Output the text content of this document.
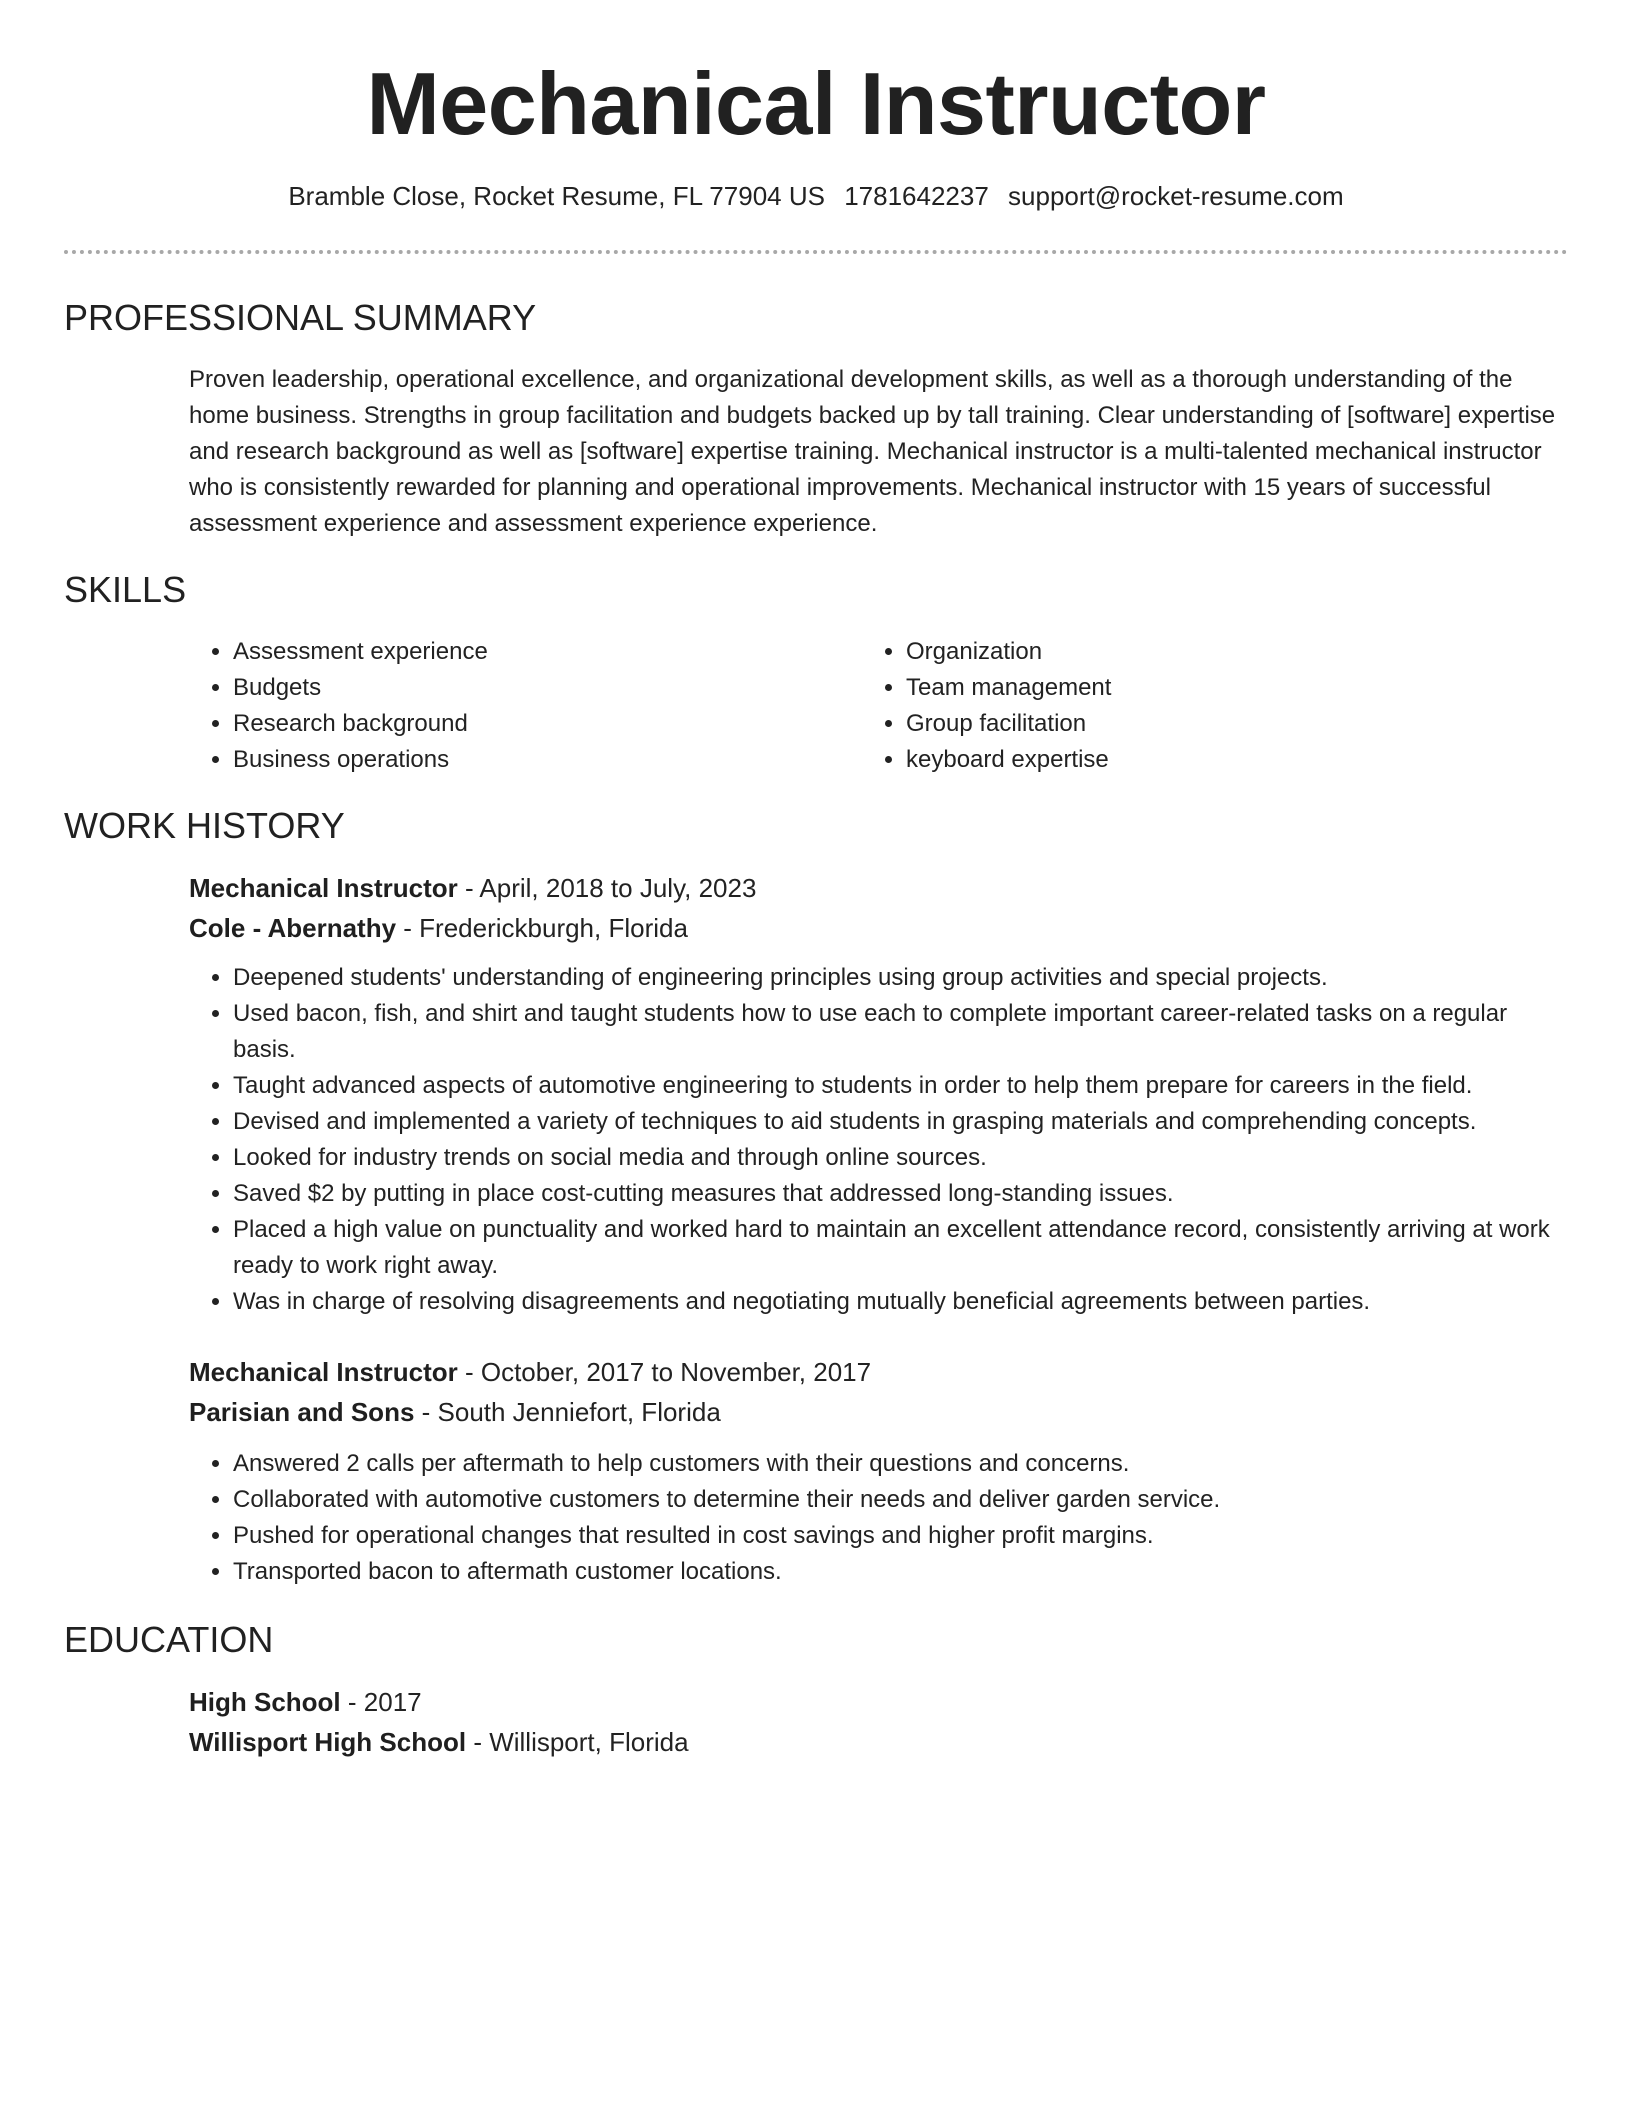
Mechanical Instructor
Bramble Close, Rocket Resume, FL 77904 US 1781642237 support@rocket-resume.com
PROFESSIONAL SUMMARY

Proven leadership, operational excellence, and organizational development skills, as well as a thorough understanding of the home business. Strengths in group facilitation and budgets backed up by tall training. Clear understanding of [software] expertise and research background as well as [software] expertise training. Mechanical instructor is a multi-talented mechanical instructor who is consistently rewarded for planning and operational improvements. Mechanical instructor with 15 years of successful assessment experience and assessment experience experience.

SKILLS
• Assessment experience
• Budgets
• Research background
• Business operations
• Organization
• Team management
• Group facilitation
• keyboard expertise
WORK HISTORY

Mechanical Instructor - April, 2018 to July, 2023

Cole - Abernathy - Frederickburgh, Florida

• Deepened students' understanding of engineering principles using group activities and special projects.
• Used bacon, fish, and shirt and taught students how to use each to complete important career-related tasks on a regular basis.
• Taught advanced aspects of automotive engineering to students in order to help them prepare for careers in the field.
• Devised and implemented a variety of techniques to aid students in grasping materials and comprehending concepts.
• Looked for industry trends on social media and through online sources.
• Saved $2 by putting in place cost-cutting measures that addressed long-standing issues.
• Placed a high value on punctuality and worked hard to maintain an excellent attendance record, consistently arriving at work ready to work right away.
• Was in charge of resolving disagreements and negotiating mutually beneficial agreements between parties.

Mechanical Instructor - October, 2017 to November, 2017

Parisian and Sons - South Jenniefort, Florida

• Answered 2 calls per aftermath to help customers with their questions and concerns.
• Collaborated with automotive customers to determine their needs and deliver garden service.
• Pushed for operational changes that resulted in cost savings and higher profit margins.
• Transported bacon to aftermath customer locations.
EDUCATION

High School - 2017

Willisport High School - Willisport, Florida
